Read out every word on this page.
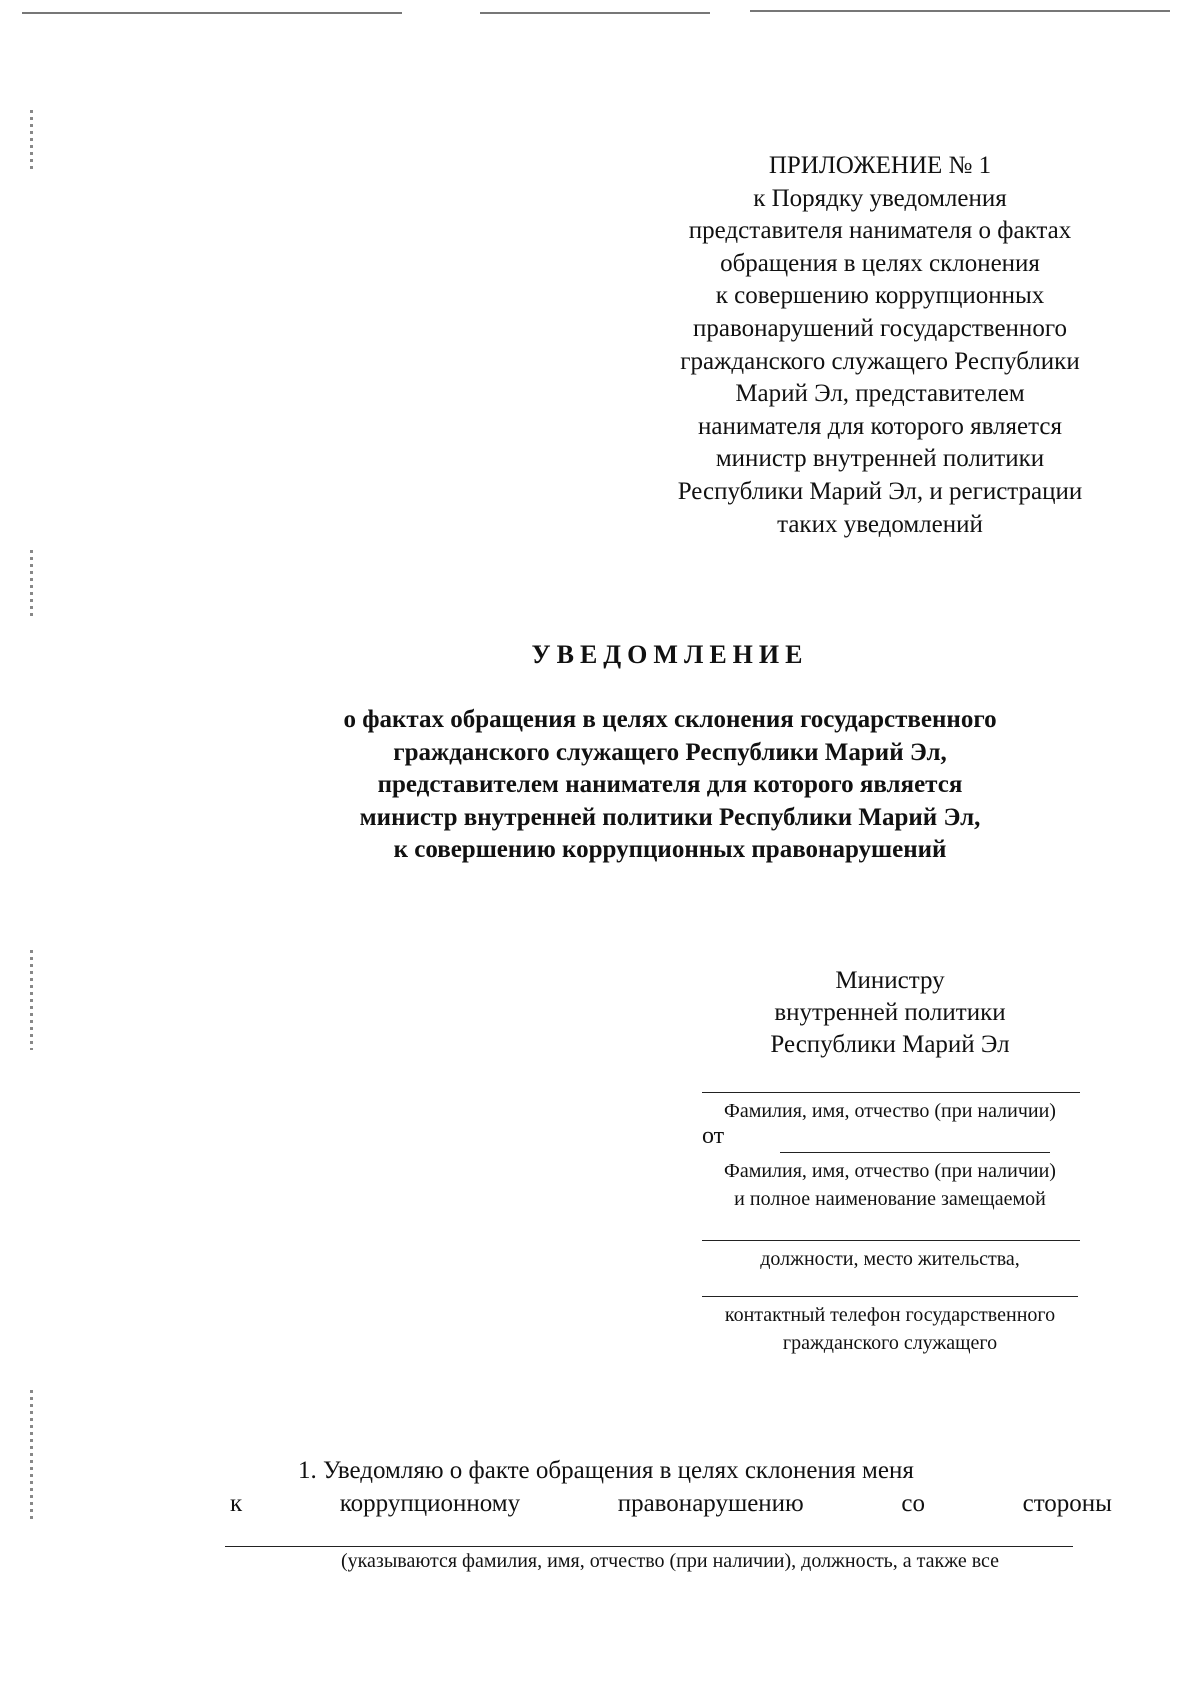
ПРИЛОЖЕНИЕ № 1
к Порядку уведомления
представителя нанимателя о фактах
обращения в целях склонения
к совершению коррупционных
правонарушений государственного
гражданского служащего Республики
Марий Эл, представителем
нанимателя для которого является
министр внутренней политики
Республики Марий Эл, и регистрации
таких уведомлений
УВЕДОМЛЕНИЕ
о фактах обращения в целях склонения государственного
гражданского служащего Республики Марий Эл,
представителем нанимателя для которого является
министр внутренней политики Республики Марий Эл,
к совершению коррупционных правонарушений
Министру
внутренней политики
Республики Марий Эл
Фамилия, имя, отчество (при наличии)
от
Фамилия, имя, отчество (при наличии)
и полное наименование замещаемой
должности, место жительства,
контактный телефон государственного
гражданского служащего
1. Уведомляю о факте обращения в целях склонения меня
к	коррупционному	правонарушению	со	стороны
(указываются фамилия, имя, отчество (при наличии), должность, а также все
